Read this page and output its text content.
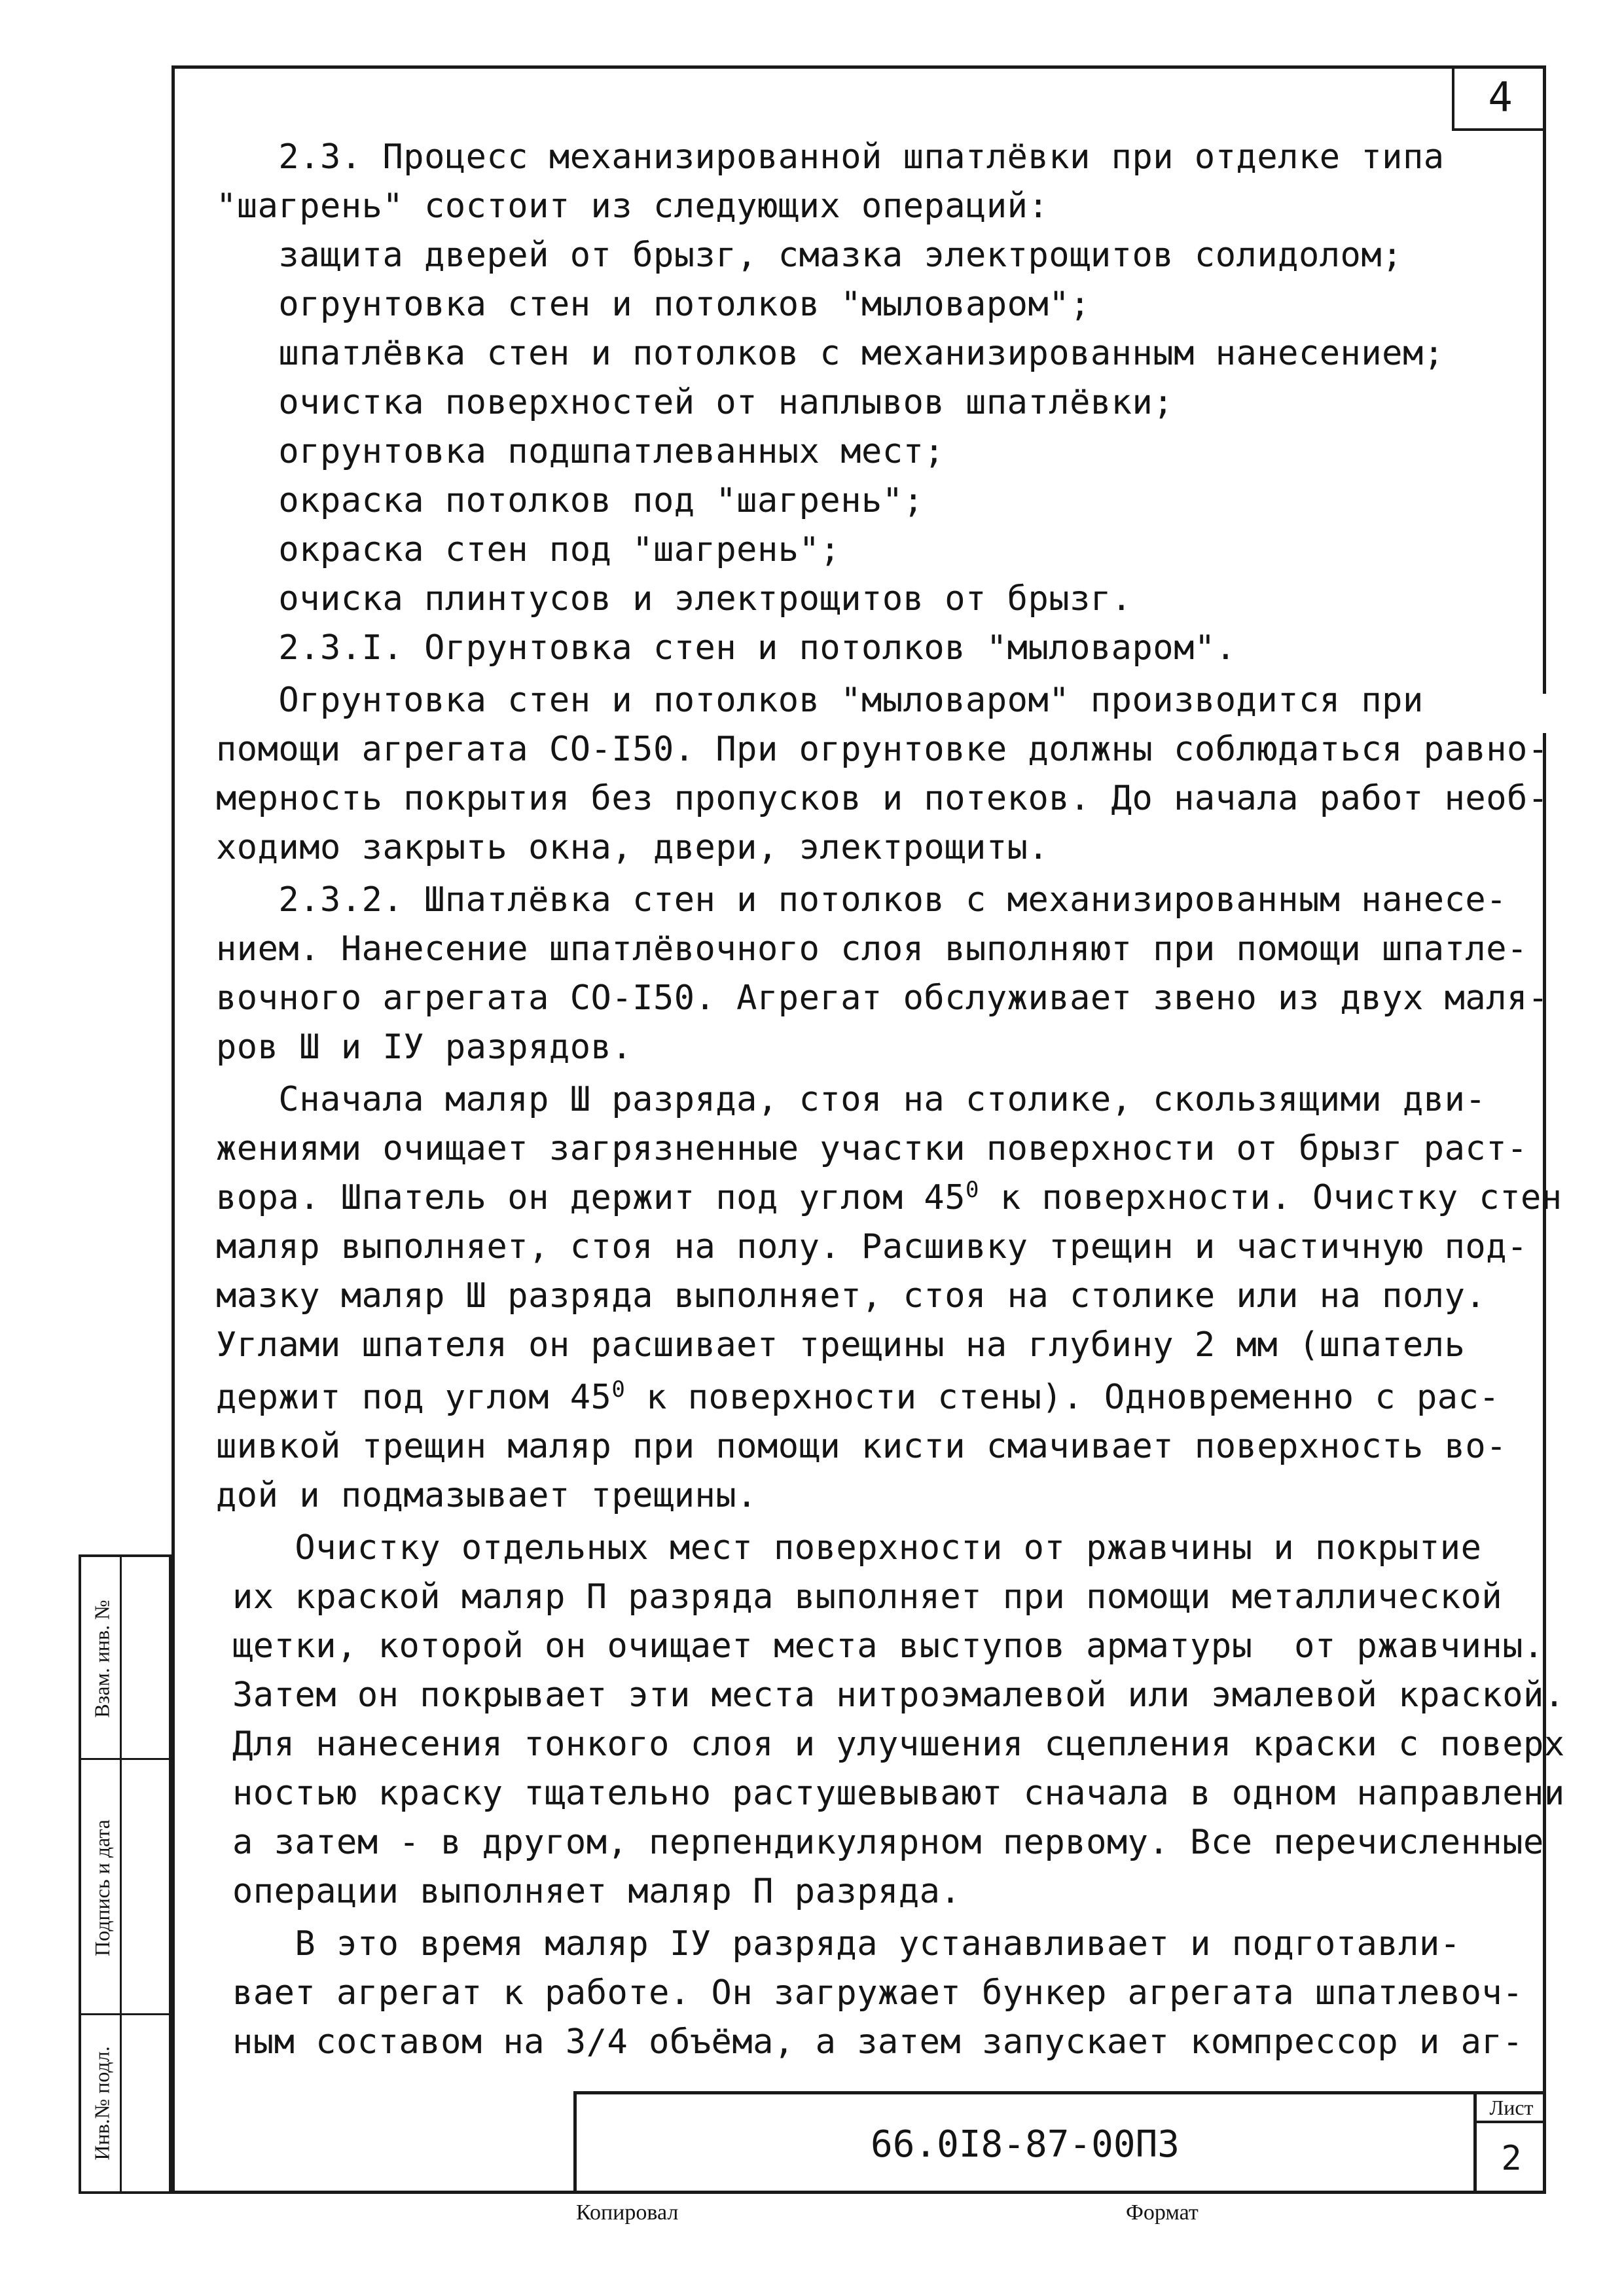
4
2.3. Процесс механизированной шпатлёвки при отделке типа
"шагрень" состоит из следующих операций:
защита дверей от брызг, смазка электрощитов солидолом;
огрунтовка стен и потолков "мыловаром";
шпатлёвка стен и потолков с механизированным нанесением;
очистка поверхностей от наплывов шпатлёвки;
огрунтовка подшпатлеванных мест;
окраска потолков под "шагрень";
окраска стен под "шагрень";
очиска плинтусов и электрощитов от брызг.
2.3.I. Огрунтовка стен и потолков "мыловаром".
Огрунтовка стен и потолков "мыловаром" производится при
помощи агрегата СО-I50. При огрунтовке должны соблюдаться равно-
мерность покрытия без пропусков и потеков. До начала работ необ-
ходимо закрыть окна, двери, электрощиты.
2.3.2. Шпатлёвка стен и потолков с механизированным нанесе-
нием. Нанесение шпатлёвочного слоя выполняют при помощи шпатле-
вочного агрегата СО-I50. Агрегат обслуживает звено из двух маля-
ров Ш и IУ разрядов.
Сначала маляр Ш разряда, стоя на столике, скользящими дви-
жениями очищает загрязненные участки поверхности от брызг раст-
вора. Шпатель он держит под углом $45^0$ к поверхности. Очистку стен
маляр выполняет, стоя на полу. Расшивку трещин и частичную под-
мазку маляр Ш разряда выполняет, стоя на столике или на полу.
Углами шпателя он расшивает трещины на глубину 2 мм (шпатель
держит под углом $45^0$ к поверхности стены). Одновременно с рас-
шивкой трещин маляр при помощи кисти смачивает поверхность во-
дой и подмазывает трещины.
Очистку отдельных мест поверхности от ржавчины и покрытие
их краской маляр П разряда выполняет при помощи металлической
щетки, которой он очищает места выступов арматуры  от ржавчины.
Затем он покрывает эти места нитроэмалевой или эмалевой краской.
Для нанесения тонкого слоя и улучшения сцепления краски с поверх
ностью краску тщательно растушевывают сначала в одном направлени
а затем - в другом, перпендикулярном первому. Все перечисленные
операции выполняет маляр П разряда.
В это время маляр IУ разряда устанавливает и подготавли-
вает агрегат к работе. Он загружает бункер агрегата шпатлевоч-
ным составом на 3/4 объёма, а затем запускает компрессор и аг-
Взам. инв. №
Подпись и дата
Инв.№ подл.	66.0I8-87-00ПЗ
Лист
2
Копировал	Формат
